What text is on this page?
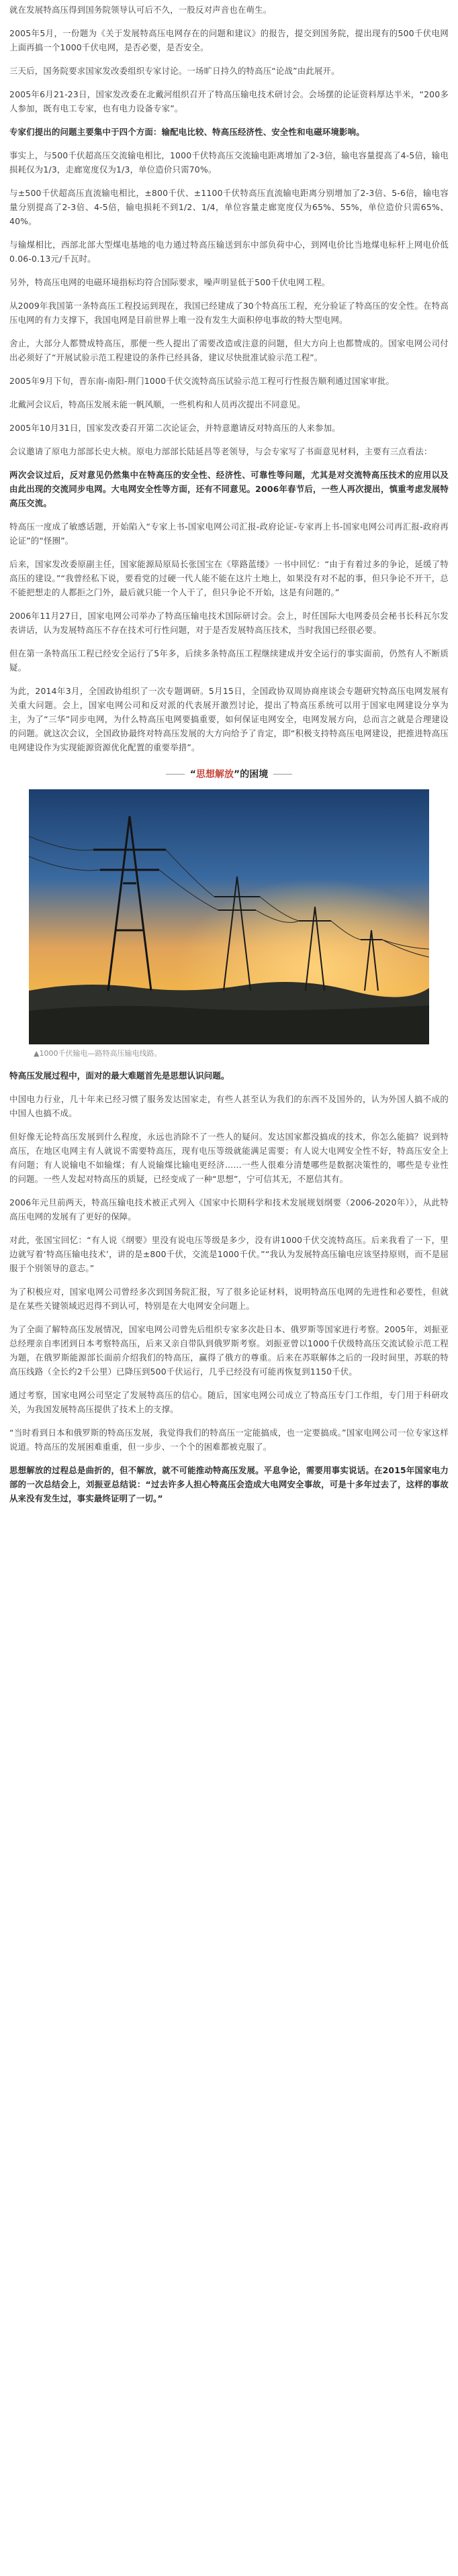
就在发展特高压得到国务院领导认可后不久，一股反对声音也在萌生。

2005年5月，一份题为《关于发展特高压电网存在的问题和建议》的报告，提交到国务院，提出现有的500千伏电网上面再搞一个1000千伏电网，是否必要，是否安全。

三天后，国务院要求国家发改委组织专家讨论。一场旷日持久的特高压“论战”由此展开。

2005年6月21-23日，国家发改委在北戴河组织召开了特高压输电技术研讨会。会场摆的论证资料厚达半米，“200多人参加，既有电工专家，也有电力设备专家”。

专家们提出的问题主要集中于四个方面：输配电比较、特高压经济性、安全性和电磁环境影响。

事实上，与500千伏超高压交流输电相比，1000千伏特高压交流输电距离增加了2-3倍，输电容量提高了4-5倍，输电损耗仅为1/3，走廊宽度仅为1/3，单位造价只需70%。

与±500千伏超高压直流输电相比，±800千伏、±1100千伏特高压直流输电距离分别增加了2-3倍、5-6倍，输电容量分别提高了2-3倍、4-5倍，输电损耗不到1/2、1/4，单位容量走廊宽度仅为65%、55%，单位造价只需65%、40%。

与输煤相比，西部北部大型煤电基地的电力通过特高压输送到东中部负荷中心，到网电价比当地煤电标杆上网电价低0.06-0.13元/千瓦时。

另外，特高压电网的电磁环境指标均符合国际要求，噪声明显低于500千伏电网工程。

从2009年我国第一条特高压工程投运到现在，我国已经建成了30个特高压工程，充分验证了特高压的安全性。在特高压电网的有力支撑下，我国电网是目前世界上唯一没有发生大面积停电事故的特大型电网。

舍止，大部分人都赞成特高压，那便一些人提出了需要改造或注意的问题，但大方向上也都赞成的。国家电网公司付出必须好了“开展试验示范工程建设的条件已经具备，建议尽快批准试验示范工程”。

2005年9月下旬，晋东南-南阳-荆门1000千伏交流特高压试验示范工程可行性报告顺利通过国家审批。

北戴河会议后，特高压发展未能一帆风顺，一些机构和人员再次提出不同意见。

2005年10月31日，国家发改委召开第二次论证会，并特意邀请反对特高压的人来参加。

会议邀请了原电力部部长史大桢。原电力部部长陆延昌等老领导，与会专家写了书面意见材料，主要有三点看法：

两次会议过后，反对意见仍然集中在特高压的安全性、经济性、可靠性等问题，尤其是对交流特高压技术的应用以及由此出现的交流同步电网。大电网安全性等方面，还有不同意见。2006年春节后，一些人再次提出，慎重考虑发展特高压交流。

特高压一度成了敏感话题，开始陷入“专家上书-国家电网公司汇报-政府论证-专家再上书-国家电网公司再汇报-政府再论证”的“怪圈”。

后来，国家发改委原副主任，国家能源局原局长张国宝在《筚路蓝缕》一书中回忆：“由于有着过多的争论，延缓了特高压的建设。”“我曾经私下说，要看党的过硬一代人能不能在这片土地上，如果没有对不起的事，但只争论不开干，总不能把想走的人都拒之门外，最后就只能一个人干了，但只争论不开始，这是有问题的。”

2006年11月27日，国家电网公司举办了特高压输电技术国际研讨会。会上，时任国际大电网委员会秘书长科瓦尔发表讲话，认为发展特高压不存在技术可行性问题，对于是否发展特高压技术，当时我国已经很必要。

但在第一条特高压工程已经安全运行了5年多，后续多条特高压工程继续建成并安全运行的事实面前，仍然有人不断质疑。

为此，2014年3月，全国政协组织了一次专题调研。5月15日，全国政协双周协商座谈会专题研究特高压电网发展有关重大问题。会上，国家电网公司和反对派的代表展开激烈讨论，提出了特高压系统可以用于国家电网建设分享为主，为了“三华”同步电网，为什么特高压电网要搞重要，如何保证电网安全，电网发展方向，总而言之就是合理建设的问题。就这次会议，全国政协最终对特高压发展的大方向给予了肯定，即“积极支持特高压电网建设，把推进特高压电网建设作为实现能源资源优化配置的重要举措”。

“思想解放”的困境
▲1000千伏输电—路特高压输电线路。

特高压发展过程中，面对的最大难题首先是思想认识问题。

中国电力行业，几十年来已经习惯了服务发达国家走，有些人甚至认为我们的东西不及国外的，认为外国人搞不成的中国人也搞不成。

但好像无论特高压发展到什么程度，永远也消除不了一些人的疑问。发达国家都没搞成的技术，你怎么能搞？说到特高压，在地区电网主有人就说不需要特高压，现有电压等级就能满足需要；有人说大电网安全性不好，特高压安全上有问题；有人说输电不如输煤；有人说输煤比输电更经济……一些人很难分清楚哪些是数据决策性的，哪些是专业性的问题。一些人发起对特高压的质疑，已经变成了一种“思想”，宁可信其无，不愿信其有。

2006年元旦前两天，特高压输电技术被正式列入《国家中长期科学和技术发展规划纲要（2006-2020年）》，从此特高压电网的发展有了更好的保障。

对此，张国宝回忆：“有人说《纲要》里没有说电压等级是多少，没有讲1000千伏交流特高压。后来我看了一下，里边就写着‘特高压输电技术’，讲的是±800千伏，交流是1000千伏。”“我认为发展特高压输电应该坚持原则，而不是屈服于个别领导的意志。”

为了积极应对，国家电网公司曾经多次到国务院汇报，写了很多论证材料，说明特高压电网的先进性和必要性，但就是在某些关键领域迟迟得不到认可，特别是在大电网安全问题上。

为了全面了解特高压发展情况，国家电网公司曾先后组织专家多次赴日本、俄罗斯等国家进行考察。2005年，刘振亚总经理亲自率团到日本考察特高压，后来又亲自带队到俄罗斯考察。刘振亚曾以1000千伏级特高压交流试验示范工程为题，在俄罗斯能源部长面前介绍我们的特高压，赢得了俄方的尊重。后来在苏联解体之后的一段时间里，苏联的特高压线路（全长约2千公里）已降压到500千伏运行，几乎已经没有可能再恢复到1150千伏。

通过考察，国家电网公司坚定了发展特高压的信心。随后，国家电网公司成立了特高压专门工作组，专门用于科研攻关，为我国发展特高压提供了技术上的支撑。

“当时看到日本和俄罗斯的特高压发展，我觉得我们的特高压一定能搞成，也一定要搞成。”国家电网公司一位专家这样说道。特高压的发展困难重重，但一步步、一个个的困难都被克服了。

思想解放的过程总是曲折的，但不解放，就不可能推动特高压发展。平息争论，需要用事实说话。在2015年国家电力部的一次总结会上，刘振亚总结说：“过去许多人担心特高压会造成大电网安全事故，可是十多年过去了，这样的事故从来没有发生过，事实最终证明了一切。”
